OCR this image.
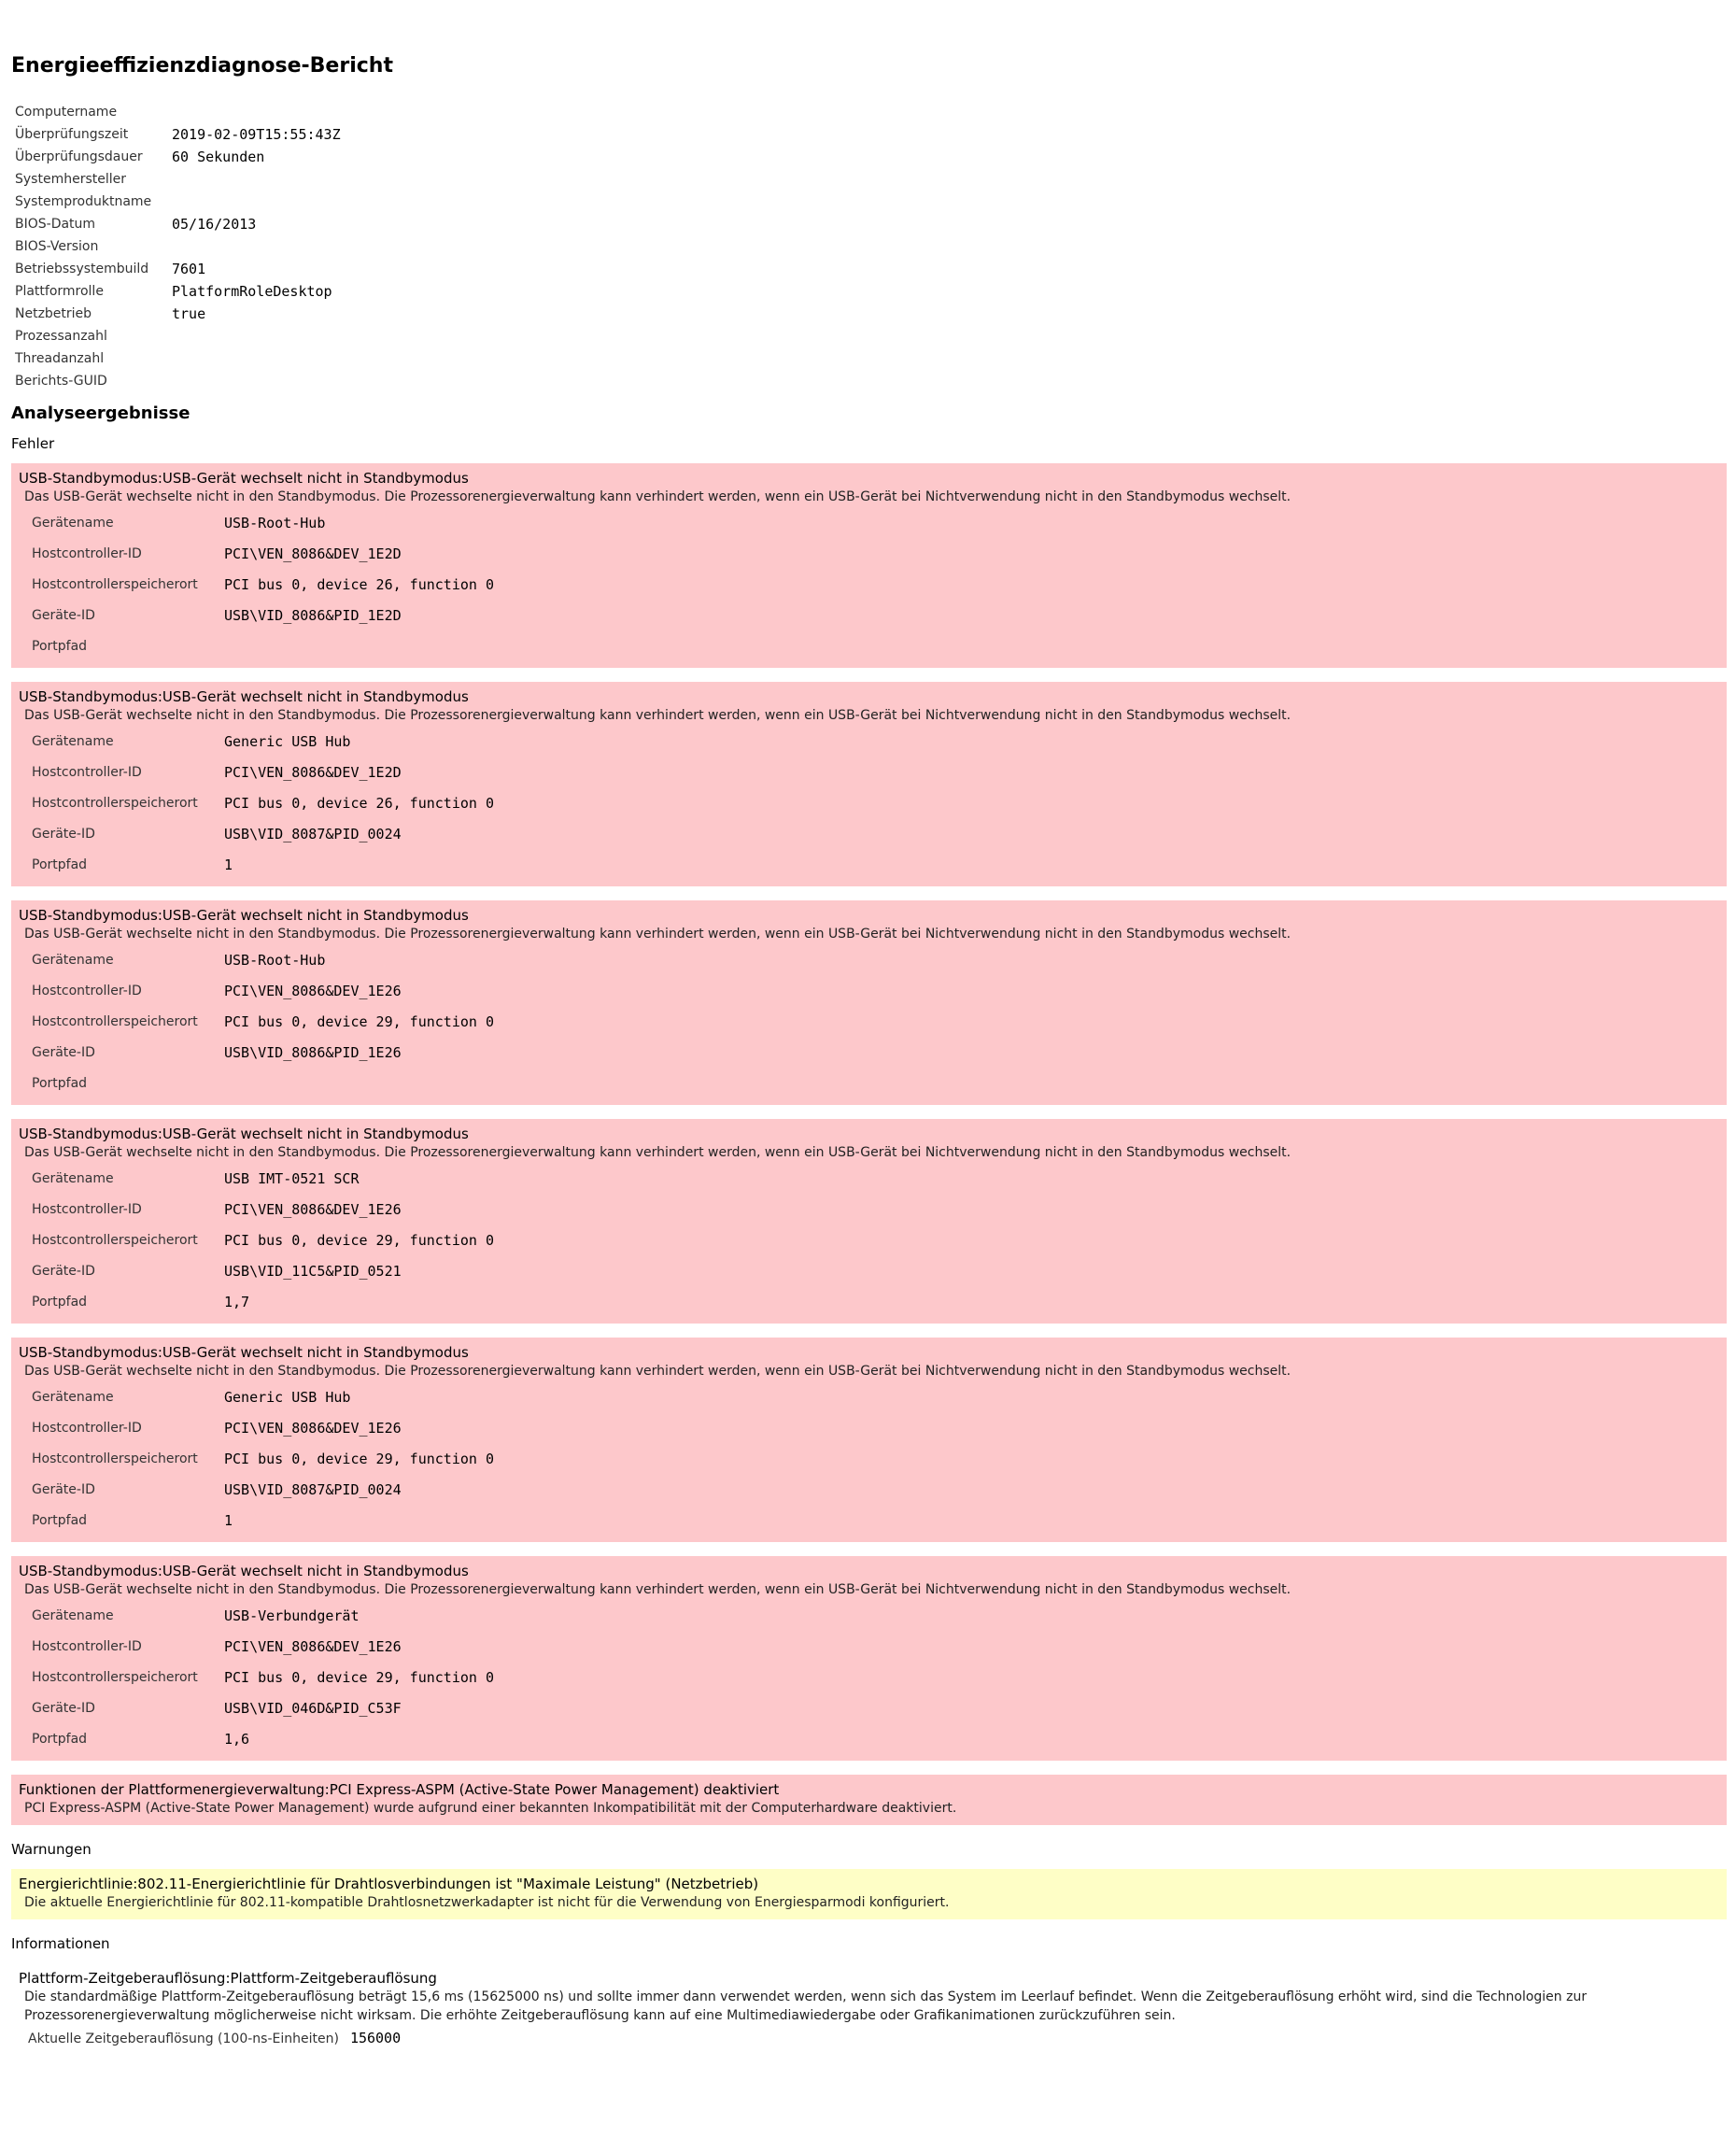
Energieeffizienzdiagnose-Bericht
Computername	
Überprüfungszeit	2019-02-09T15:55:43Z
Überprüfungsdauer	60 Sekunden
Systemhersteller	
Systemproduktname	
BIOS-Datum	05/16/2013
BIOS-Version	
Betriebssystembuild	7601
Plattformrolle	PlatformRoleDesktop
Netzbetrieb	true
Prozessanzahl	
Threadanzahl	
Berichts-GUID	
Analyseergebnisse
Fehler
USB-Standbymodus:USB-Gerät wechselt nicht in Standbymodus
Das USB-Gerät wechselte nicht in den Standbymodus. Die Prozessorenergieverwaltung kann verhindert werden, wenn ein USB-Gerät bei Nichtverwendung nicht in den Standbymodus wechselt.
Gerätename	USB-Root-Hub
Hostcontroller-ID	PCI\VEN_8086&DEV_1E2D
Hostcontrollerspeicherort	PCI bus 0, device 26, function 0
Geräte-ID	USB\VID_8086&PID_1E2D
Portpfad	
USB-Standbymodus:USB-Gerät wechselt nicht in Standbymodus
Das USB-Gerät wechselte nicht in den Standbymodus. Die Prozessorenergieverwaltung kann verhindert werden, wenn ein USB-Gerät bei Nichtverwendung nicht in den Standbymodus wechselt.
Gerätename	Generic USB Hub
Hostcontroller-ID	PCI\VEN_8086&DEV_1E2D
Hostcontrollerspeicherort	PCI bus 0, device 26, function 0
Geräte-ID	USB\VID_8087&PID_0024
Portpfad	1
USB-Standbymodus:USB-Gerät wechselt nicht in Standbymodus
Das USB-Gerät wechselte nicht in den Standbymodus. Die Prozessorenergieverwaltung kann verhindert werden, wenn ein USB-Gerät bei Nichtverwendung nicht in den Standbymodus wechselt.
Gerätename	USB-Root-Hub
Hostcontroller-ID	PCI\VEN_8086&DEV_1E26
Hostcontrollerspeicherort	PCI bus 0, device 29, function 0
Geräte-ID	USB\VID_8086&PID_1E26
Portpfad	
USB-Standbymodus:USB-Gerät wechselt nicht in Standbymodus
Das USB-Gerät wechselte nicht in den Standbymodus. Die Prozessorenergieverwaltung kann verhindert werden, wenn ein USB-Gerät bei Nichtverwendung nicht in den Standbymodus wechselt.
Gerätename	USB IMT-0521 SCR
Hostcontroller-ID	PCI\VEN_8086&DEV_1E26
Hostcontrollerspeicherort	PCI bus 0, device 29, function 0
Geräte-ID	USB\VID_11C5&PID_0521
Portpfad	1,7
USB-Standbymodus:USB-Gerät wechselt nicht in Standbymodus
Das USB-Gerät wechselte nicht in den Standbymodus. Die Prozessorenergieverwaltung kann verhindert werden, wenn ein USB-Gerät bei Nichtverwendung nicht in den Standbymodus wechselt.
Gerätename	Generic USB Hub
Hostcontroller-ID	PCI\VEN_8086&DEV_1E26
Hostcontrollerspeicherort	PCI bus 0, device 29, function 0
Geräte-ID	USB\VID_8087&PID_0024
Portpfad	1
USB-Standbymodus:USB-Gerät wechselt nicht in Standbymodus
Das USB-Gerät wechselte nicht in den Standbymodus. Die Prozessorenergieverwaltung kann verhindert werden, wenn ein USB-Gerät bei Nichtverwendung nicht in den Standbymodus wechselt.
Gerätename	USB-Verbundgerät
Hostcontroller-ID	PCI\VEN_8086&DEV_1E26
Hostcontrollerspeicherort	PCI bus 0, device 29, function 0
Geräte-ID	USB\VID_046D&PID_C53F
Portpfad	1,6
Funktionen der Plattformenergieverwaltung:PCI Express-ASPM (Active-State Power Management) deaktiviert
PCI Express-ASPM (Active-State Power Management) wurde aufgrund einer bekannten Inkompatibilität mit der Computerhardware deaktiviert.
Warnungen
Energierichtlinie:802.11-Energierichtlinie für Drahtlosverbindungen ist "Maximale Leistung" (Netzbetrieb)
Die aktuelle Energierichtlinie für 802.11-kompatible Drahtlosnetzwerkadapter ist nicht für die Verwendung von Energiesparmodi konfiguriert.
Informationen
Plattform-Zeitgeberauflösung:Plattform-Zeitgeberauflösung
Die standardmäßige Plattform-Zeitgeberauflösung beträgt 15,6 ms (15625000 ns) und sollte immer dann verwendet werden, wenn sich das System im Leerlauf befindet. Wenn die Zeitgeberauflösung erhöht wird, sind die Technologien zur Prozessorenergieverwaltung möglicherweise nicht wirksam. Die erhöhte Zeitgeberauflösung kann auf eine Multimediawiedergabe oder Grafikanimationen zurückzuführen sein.
Aktuelle Zeitgeberauflösung (100-ns-Einheiten) 156000
